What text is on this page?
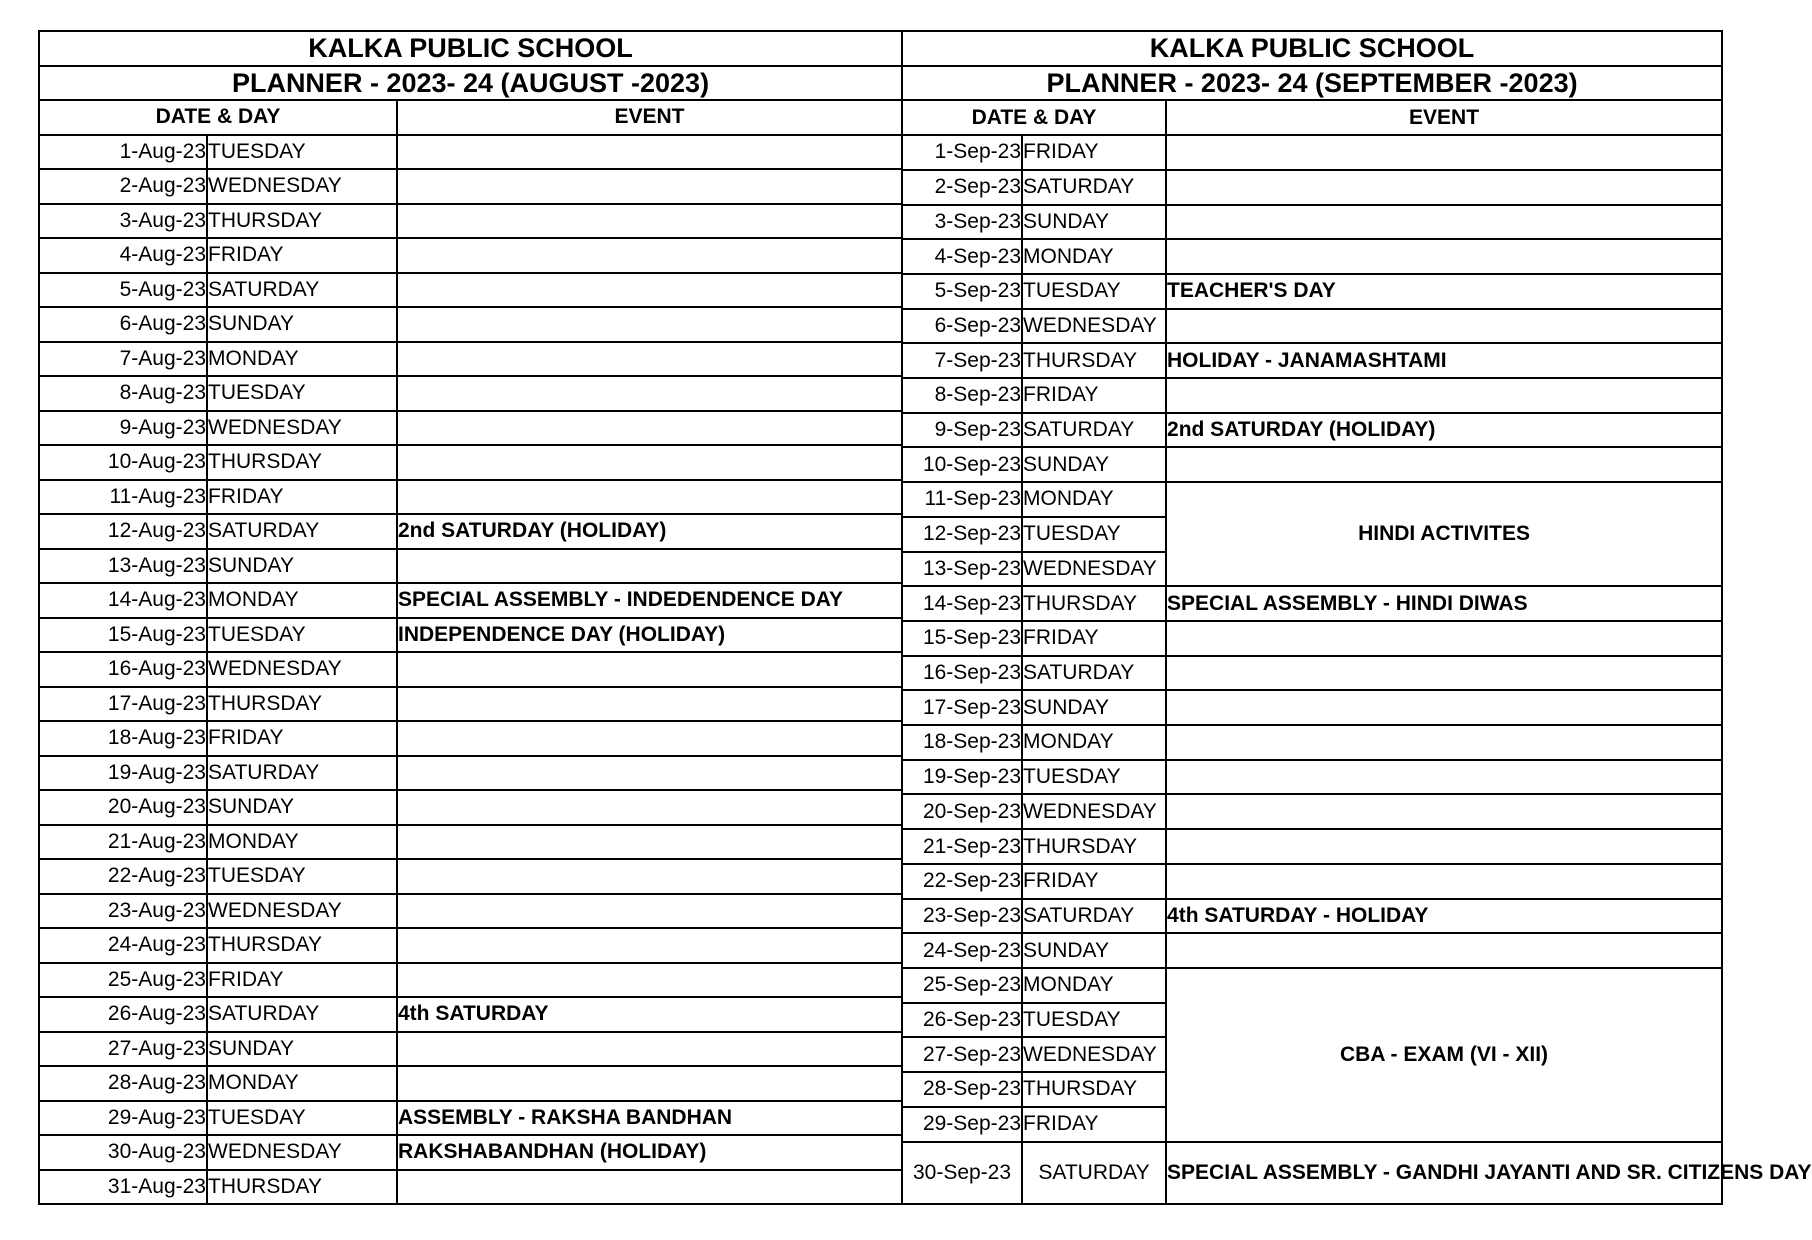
KALKA PUBLIC SCHOOL		
PLANNER - 2023- 24 (AUGUST -2023)		
DATE & DAY		EVENT
1-Aug-23	TUESDAY	
2-Aug-23	WEDNESDAY	
3-Aug-23	THURSDAY	
4-Aug-23	FRIDAY	
5-Aug-23	SATURDAY	
6-Aug-23	SUNDAY	
7-Aug-23	MONDAY	
8-Aug-23	TUESDAY	
9-Aug-23	WEDNESDAY	
10-Aug-23	THURSDAY	
11-Aug-23	FRIDAY	
12-Aug-23	SATURDAY	2nd SATURDAY (HOLIDAY)
13-Aug-23	SUNDAY	
14-Aug-23	MONDAY	SPECIAL ASSEMBLY - INDEDENDENCE DAY
15-Aug-23	TUESDAY	INDEPENDENCE DAY (HOLIDAY)
16-Aug-23	WEDNESDAY	
17-Aug-23	THURSDAY	
18-Aug-23	FRIDAY	
19-Aug-23	SATURDAY	
20-Aug-23	SUNDAY	
21-Aug-23	MONDAY	
22-Aug-23	TUESDAY	
23-Aug-23	WEDNESDAY	
24-Aug-23	THURSDAY	
25-Aug-23	FRIDAY	
26-Aug-23	SATURDAY	4th SATURDAY
27-Aug-23	SUNDAY	
28-Aug-23	MONDAY	
29-Aug-23	TUESDAY	ASSEMBLY - RAKSHA BANDHAN
30-Aug-23	WEDNESDAY	RAKSHABANDHAN (HOLIDAY)
31-Aug-23	THURSDAY	
KALKA PUBLIC SCHOOL		
PLANNER - 2023- 24 (SEPTEMBER -2023)		
DATE & DAY		EVENT
1-Sep-23	FRIDAY	
2-Sep-23	SATURDAY	
3-Sep-23	SUNDAY	
4-Sep-23	MONDAY	
5-Sep-23	TUESDAY	TEACHER'S DAY
6-Sep-23	WEDNESDAY	
7-Sep-23	THURSDAY	HOLIDAY - JANAMASHTAMI
8-Sep-23	FRIDAY	
9-Sep-23	SATURDAY	2nd SATURDAY (HOLIDAY)
10-Sep-23	SUNDAY	
11-Sep-23	MONDAY	HINDI ACTIVITES
12-Sep-23	TUESDAY	
13-Sep-23	WEDNESDAY	
14-Sep-23	THURSDAY	SPECIAL ASSEMBLY - HINDI DIWAS
15-Sep-23	FRIDAY	
16-Sep-23	SATURDAY	
17-Sep-23	SUNDAY	
18-Sep-23	MONDAY	
19-Sep-23	TUESDAY	
20-Sep-23	WEDNESDAY	
21-Sep-23	THURSDAY	
22-Sep-23	FRIDAY	
23-Sep-23	SATURDAY	4th SATURDAY - HOLIDAY
24-Sep-23	SUNDAY	
25-Sep-23	MONDAY	CBA - EXAM (VI - XII)
26-Sep-23	TUESDAY	
27-Sep-23	WEDNESDAY	
28-Sep-23	THURSDAY	
29-Sep-23	FRIDAY	
30-Sep-23	SATURDAY	SPECIAL ASSEMBLY - GANDHI JAYANTI AND SR. CITIZENS DAY
